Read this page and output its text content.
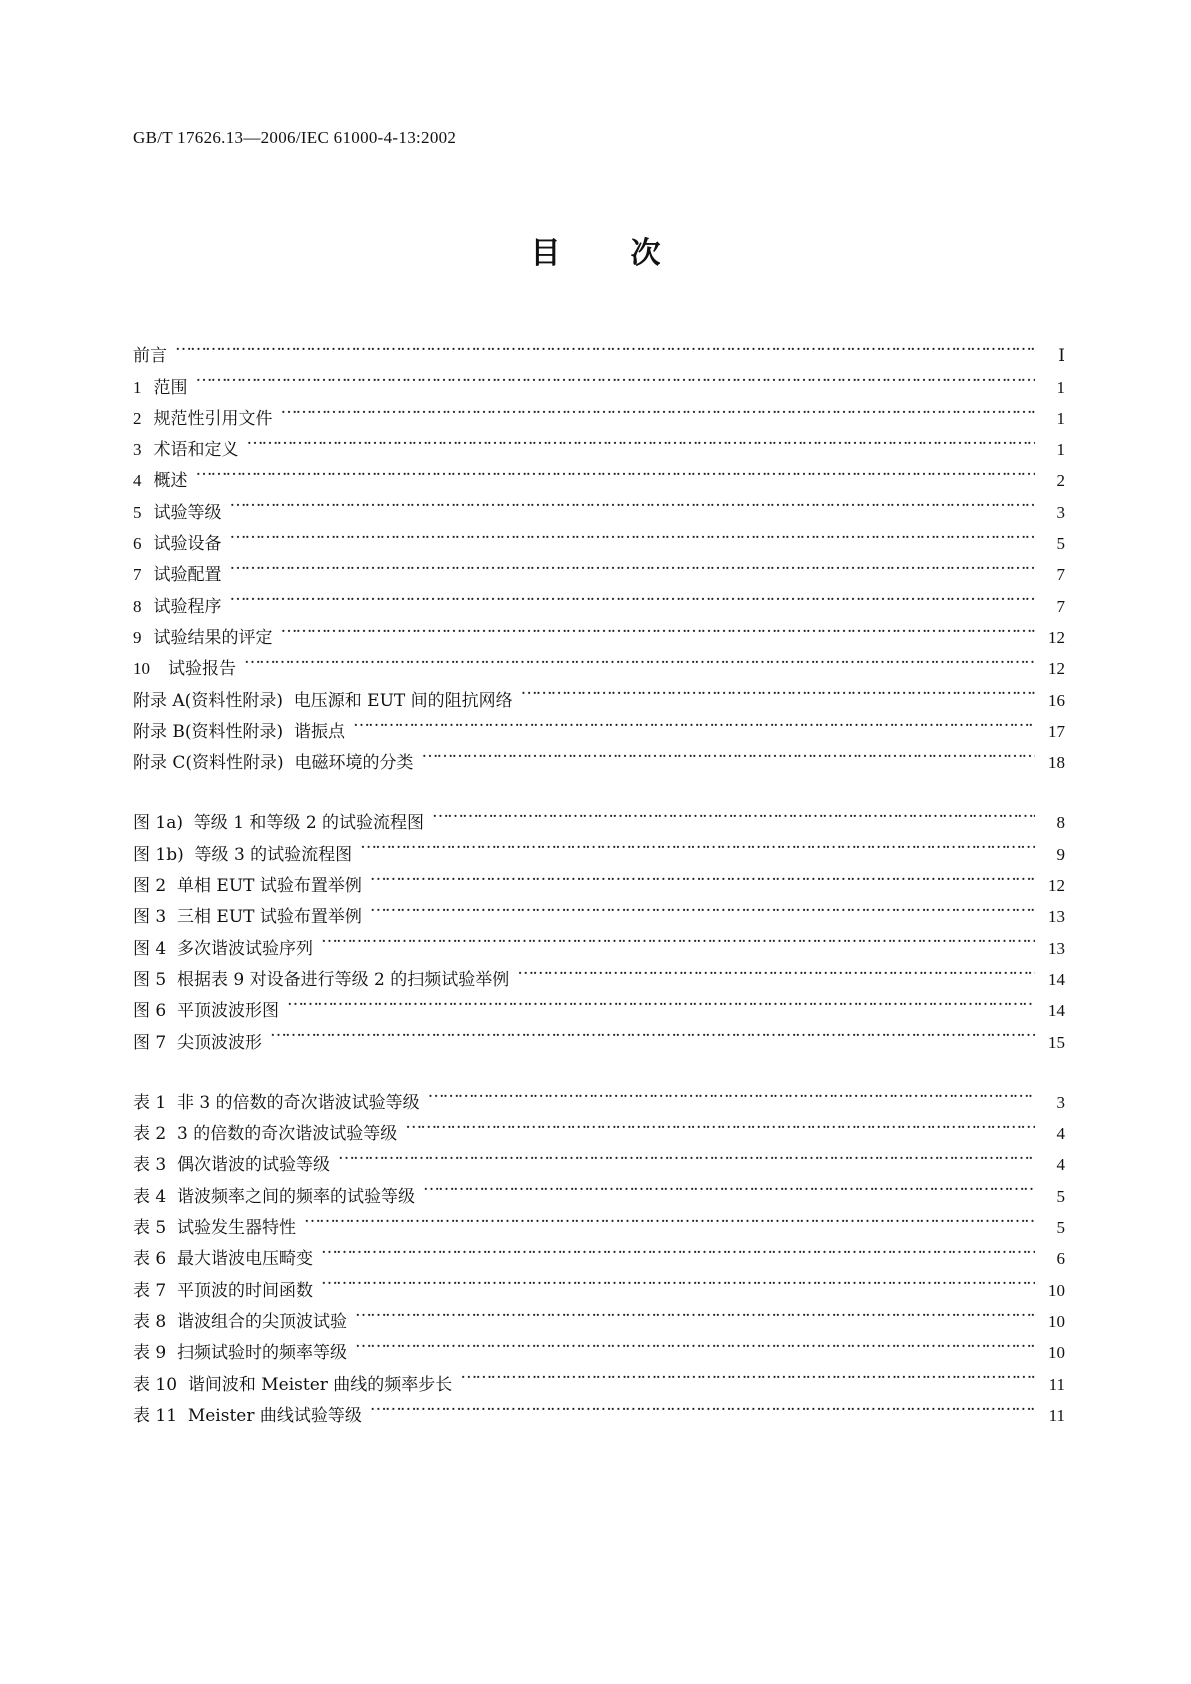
GB/T 17626.13—2006/IEC 61000-4-13:2002
目 次
前言 …………………………………………………………………………………………………………………………………………………………………………………………………………	Ⅰ
1 范围 …………………………………………………………………………………………………………………………………………………………………………………………………………	1
2 规范性引用文件 …………………………………………………………………………………………………………………………………………………………………………………………………………	1
3 术语和定义 …………………………………………………………………………………………………………………………………………………………………………………………………………	1
4 概述 …………………………………………………………………………………………………………………………………………………………………………………………………………	2
5 试验等级 …………………………………………………………………………………………………………………………………………………………………………………………………………	3
6 试验设备 …………………………………………………………………………………………………………………………………………………………………………………………………………	5
7 试验配置 …………………………………………………………………………………………………………………………………………………………………………………………………………	7
8 试验程序 …………………………………………………………………………………………………………………………………………………………………………………………………………	7
9 试验结果的评定 …………………………………………………………………………………………………………………………………………………………………………………………………………	12
10 试验报告 …………………………………………………………………………………………………………………………………………………………………………………………………………	12
附录 A(资料性附录)  电压源和 EUT 间的阻抗网络 …………………………………………………………………………………………………………………………………………………………………………………………………………	16
附录 B(资料性附录)  谐振点 …………………………………………………………………………………………………………………………………………………………………………………………………………	17
附录 C(资料性附录)  电磁环境的分类 …………………………………………………………………………………………………………………………………………………………………………………………………………	18
图 1a)  等级 1 和等级 2 的试验流程图 …………………………………………………………………………………………………………………………………………………………………………………………………………	8
图 1b)  等级 3 的试验流程图 …………………………………………………………………………………………………………………………………………………………………………………………………………	9
图 2  单相 EUT 试验布置举例 …………………………………………………………………………………………………………………………………………………………………………………………………………	12
图 3  三相 EUT 试验布置举例 …………………………………………………………………………………………………………………………………………………………………………………………………………	13
图 4  多次谐波试验序列 …………………………………………………………………………………………………………………………………………………………………………………………………………	13
图 5  根据表 9 对设备进行等级 2 的扫频试验举例 …………………………………………………………………………………………………………………………………………………………………………………………………………	14
图 6  平顶波波形图 …………………………………………………………………………………………………………………………………………………………………………………………………………	14
图 7  尖顶波波形 …………………………………………………………………………………………………………………………………………………………………………………………………………	15
表 1  非 3 的倍数的奇次谐波试验等级 …………………………………………………………………………………………………………………………………………………………………………………………………………	3
表 2  3 的倍数的奇次谐波试验等级 …………………………………………………………………………………………………………………………………………………………………………………………………………	4
表 3  偶次谐波的试验等级 …………………………………………………………………………………………………………………………………………………………………………………………………………	4
表 4  谐波频率之间的频率的试验等级 …………………………………………………………………………………………………………………………………………………………………………………………………………	5
表 5  试验发生器特性 …………………………………………………………………………………………………………………………………………………………………………………………………………	5
表 6  最大谐波电压畸变 …………………………………………………………………………………………………………………………………………………………………………………………………………	6
表 7  平顶波的时间函数 …………………………………………………………………………………………………………………………………………………………………………………………………………	10
表 8  谐波组合的尖顶波试验 …………………………………………………………………………………………………………………………………………………………………………………………………………	10
表 9  扫频试验时的频率等级 …………………………………………………………………………………………………………………………………………………………………………………………………………	10
表 10  谐间波和 Meister 曲线的频率步长 …………………………………………………………………………………………………………………………………………………………………………………………………………	11
表 11  Meister 曲线试验等级 …………………………………………………………………………………………………………………………………………………………………………………………………………	11
